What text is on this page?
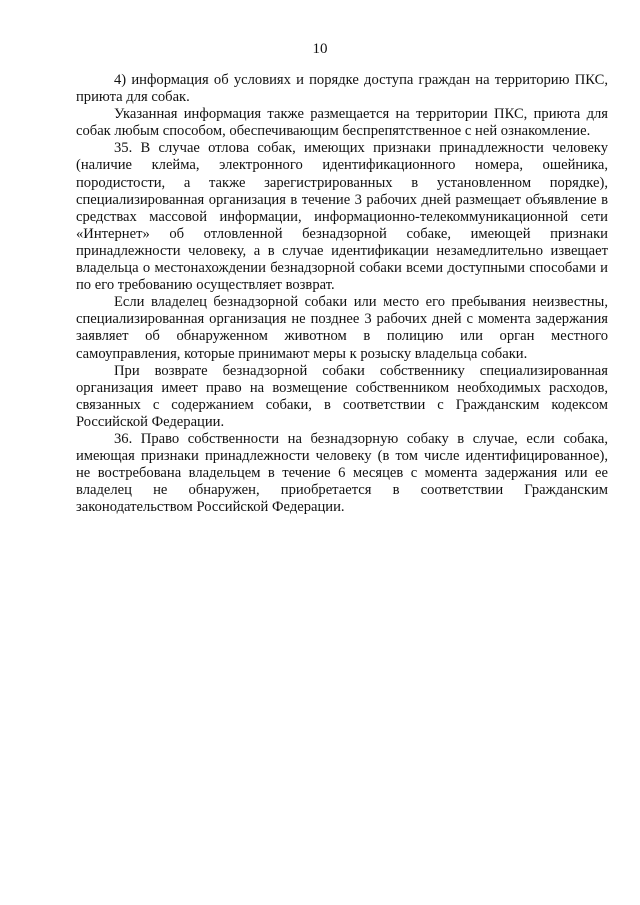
10

4) информация об условиях и порядке доступа граждан на территорию ПКС, приюта для собак.

Указанная информация также размещается на территории ПКС, приюта для собак любым способом, обеспечивающим беспрепятственное с ней ознакомление.

35. В случае отлова собак, имеющих признаки принадлежности человеку (наличие клейма, электронного идентификационного номера, ошейника, породистости, а также зарегистрированных в установленном порядке), специализированная организация в течение 3 рабочих дней размещает объявление в средствах массовой информации, информационно-телекоммуникационной сети «Интернет» об отловленной безнадзорной собаке, имеющей признаки принадлежности человеку, а в случае идентификации незамедлительно извещает владельца о местонахождении безнадзорной собаки всеми доступными способами и по его требованию осуществляет возврат.

Если владелец безнадзорной собаки или место его пребывания неизвестны, специализированная организация не позднее 3 рабочих дней с момента задержания заявляет об обнаруженном животном в полицию или орган местного самоуправления, которые принимают меры к розыску владельца собаки.

При возврате безнадзорной собаки собственнику специализированная организация имеет право на возмещение собственником необходимых расходов, связанных с содержанием собаки, в соответствии с Гражданским кодексом Российской Федерации.

36. Право собственности на безнадзорную собаку в случае, если собака, имеющая признаки принадлежности человеку (в том числе идентифицированное), не востребована владельцем в течение 6 месяцев с момента задержания или ее владелец не обнаружен, приобретается в соответствии Гражданским законодательством Российской Федерации.
